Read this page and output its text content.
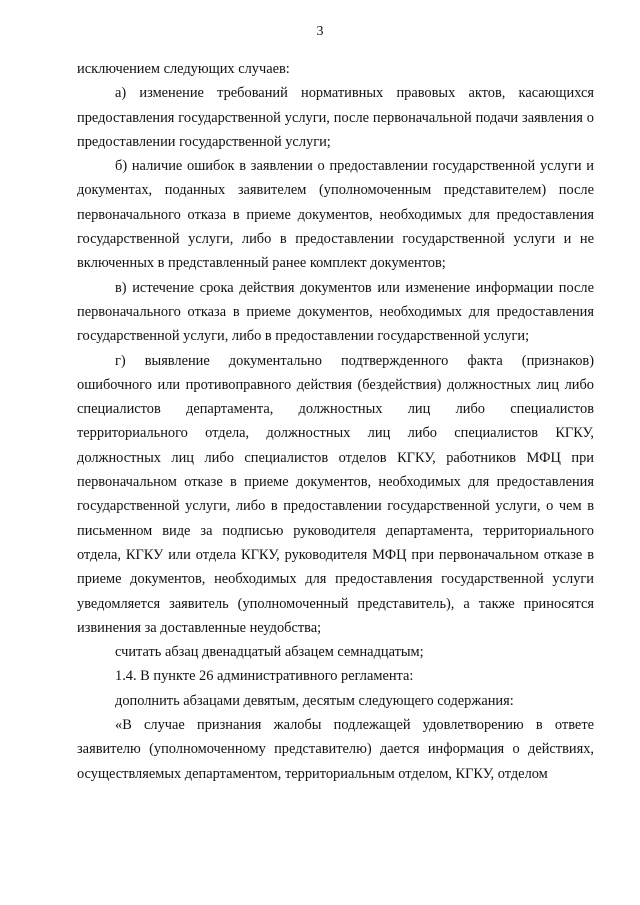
3

исключением следующих случаев:

а) изменение требований нормативных правовых актов, касающихся предоставления государственной услуги, после первоначальной подачи заявления о предоставлении государственной услуги;

б) наличие ошибок в заявлении о предоставлении государственной услуги и документах, поданных заявителем (уполномоченным представителем) после первоначального отказа в приеме документов, необходимых для предоставления государственной услуги, либо в предоставлении государственной услуги и не включенных в представленный ранее комплект документов;

в) истечение срока действия документов или изменение информации после первоначального отказа в приеме документов, необходимых для предоставления государственной услуги, либо в предоставлении государственной услуги;

г) выявление документально подтвержденного факта (признаков) ошибочного или противоправного действия (бездействия) должностных лиц либо специалистов департамента, должностных лиц либо специалистов территориального отдела, должностных лиц либо специалистов КГКУ, должностных лиц либо специалистов отделов КГКУ, работников МФЦ при первоначальном отказе в приеме документов, необходимых для предоставления государственной услуги, либо в предоставлении государственной услуги, о чем в письменном виде за подписью руководителя департамента, территориального отдела, КГКУ или отдела КГКУ, руководителя МФЦ при первоначальном отказе в приеме документов, необходимых для предоставления государственной услуги уведомляется заявитель (уполномоченный представитель), а также приносятся извинения за доставленные неудобства;

считать абзац двенадцатый абзацем семнадцатым;

1.4. В пункте 26 административного регламента:

дополнить абзацами девятым, десятым следующего содержания:

«В случае признания жалобы подлежащей удовлетворению в ответе заявителю (уполномоченному представителю) дается информация о действиях, осуществляемых департаментом, территориальным отделом, КГКУ, отделом
